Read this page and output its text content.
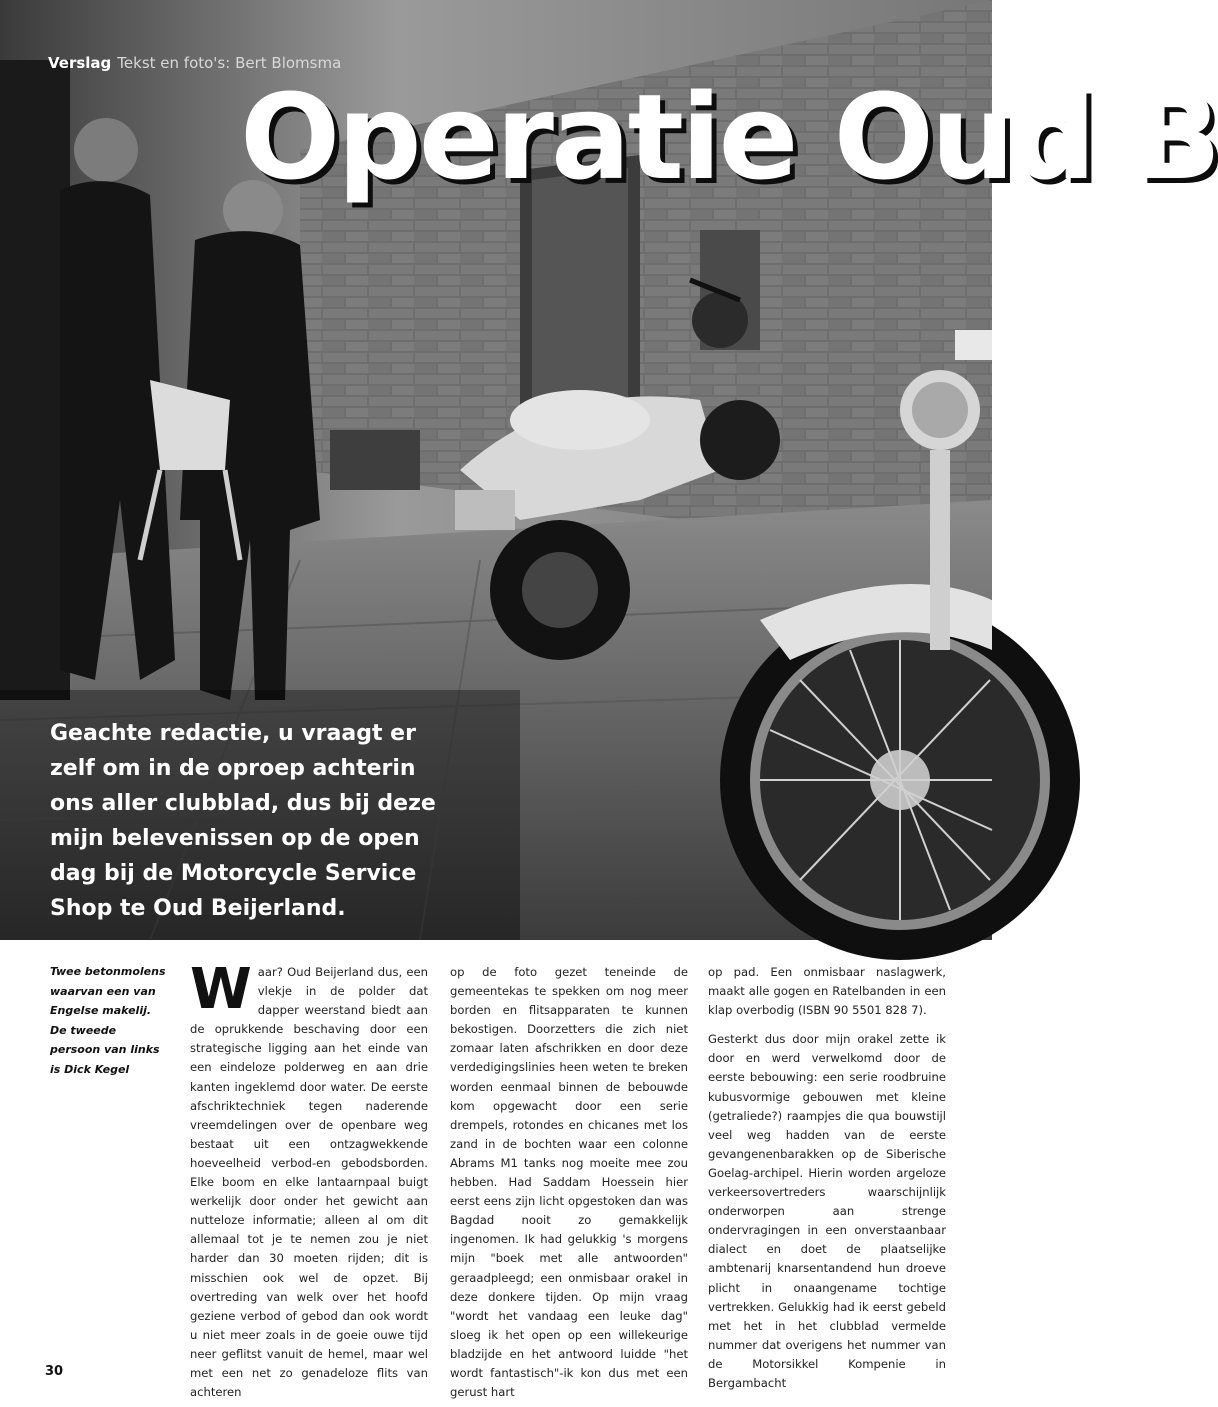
Verslag Tekst en foto's: Bert Blomsma
Operatie Oud B
Geachte redactie, u vraagt er zelf om in de oproep achterin ons aller clubblad, dus bij deze mijn belevenissen op de open dag bij de Motorcycle Service Shop te Oud Beijerland.
Twee betonmolens waarvan een van Engelse makelij. De tweede persoon van links is Dick Kegel

Waar? Oud Beijerland dus, een vlekje in de polder dat dapper weerstand biedt aan de oprukkende beschaving door een strategische ligging aan het einde van een eindeloze polderweg en aan drie kanten ingeklemd door water. De eerste afschriktechniek tegen naderende vreemdelingen over de openbare weg bestaat uit een ontzagwekkende hoeveelheid verbod-en gebodsborden. Elke boom en elke lantaarnpaal buigt werkelijk door onder het gewicht aan nutteloze informatie; alleen al om dit allemaal tot je te nemen zou je niet harder dan 30 moeten rijden; dit is misschien ook wel de opzet. Bij overtreding van welk over het hoofd geziene verbod of gebod dan ook wordt u niet meer zoals in de goeie ouwe tijd neer geflitst vanuit de hemel, maar wel met een net zo genadeloze flits van achteren

op de foto gezet teneinde de gemeentekas te spekken om nog meer borden en flitsapparaten te kunnen bekostigen. Doorzetters die zich niet zomaar laten afschrikken en door deze verdedigingslinies heen weten te breken worden eenmaal binnen de bebouwde kom opgewacht door een serie drempels, rotondes en chicanes met los zand in de bochten waar een colonne Abrams M1 tanks nog moeite mee zou hebben. Had Saddam Hoessein hier eerst eens zijn licht opgestoken dan was Bagdad nooit zo gemakkelijk ingenomen. Ik had gelukkig 's morgens mijn "boek met alle antwoorden" geraadpleegd; een onmisbaar orakel in deze donkere tijden. Op mijn vraag "wordt het vandaag een leuke dag" sloeg ik het open op een willekeurige bladzijde en het antwoord luidde "het wordt fantastisch"-ik kon dus met een gerust hart

op pad. Een onmisbaar naslagwerk, maakt alle gogen en Ratelbanden in een klap overbodig (ISBN 90 5501 828 7).

Gesterkt dus door mijn orakel zette ik door en werd verwelkomd door de eerste bebouwing: een serie roodbruine kubusvormige gebouwen met kleine (getraliede?) raampjes die qua bouwstijl veel weg hadden van de eerste gevangenenbarakken op de Siberische Goelag-archipel. Hierin worden argeloze verkeersovertreders waarschijnlijk onderworpen aan strenge ondervragingen in een onverstaanbaar dialect en doet de plaatselijke ambtenarij knarsentandend hun droeve plicht in onaangename tochtige vertrekken. Gelukkig had ik eerst gebeld met het in het clubblad vermelde nummer dat overigens het nummer van de Motorsikkel Kompenie in Bergambacht

30
